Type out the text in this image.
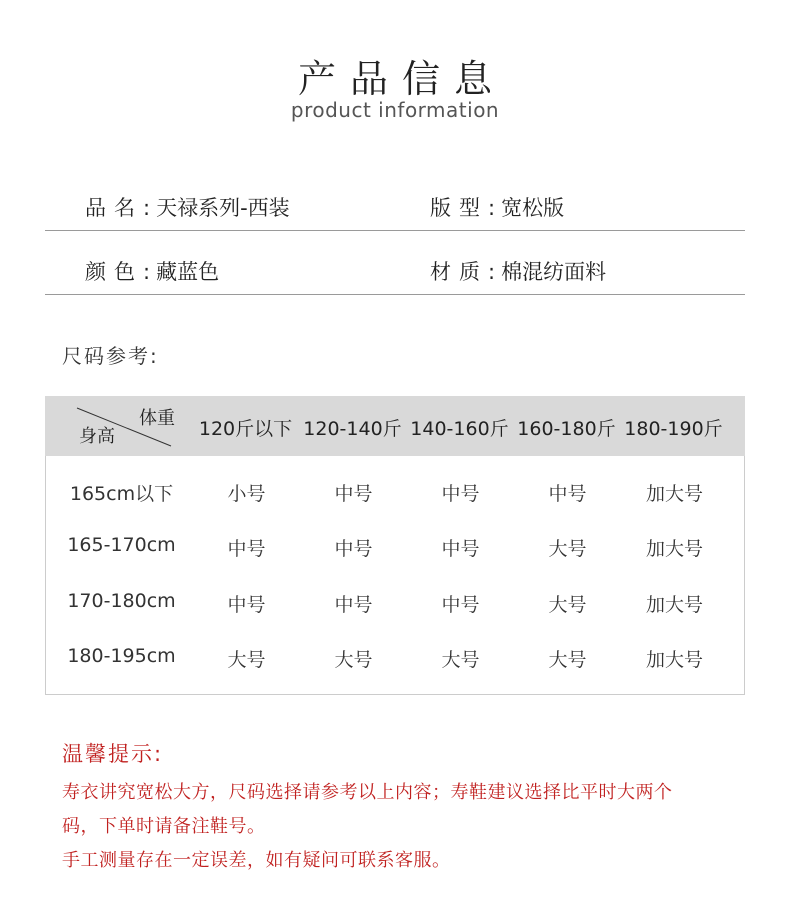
产品信息
product information
品名: 天禄系列-西装	版型: 宽松版
颜色: 藏蓝色	材质: 棉混纺面料
尺码参考:
体重
身高	120斤以下 120-140斤 140-160斤 160-180斤 180-190斤
165cm以下	小号	中号	中号	中号	加大号
165-170cm	中号	中号	中号	大号	加大号
170-180cm	中号	中号	中号	大号	加大号
180-195cm	大号	大号	大号	大号	加大号
温馨提示:
寿衣讲究宽松大方，尺码选择请参考以上内容；寿鞋建议选择比平时大两个
码，下单时请备注鞋号。
手工测量存在一定误差，如有疑问可联系客服。
